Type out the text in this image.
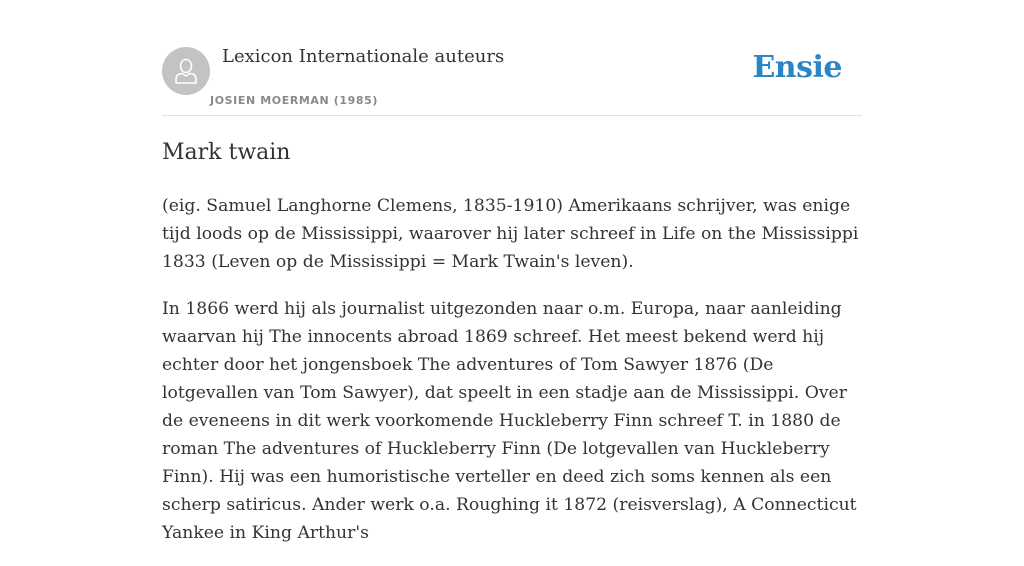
Lexicon Internationale auteurs
JOSIEN MOERMAN (1985)
Ensie
Mark twain

(eig. Samuel Langhorne Clemens, 1835-1910) Amerikaans schrijver, was enige tijd loods op de Mississippi, waarover hij later schreef in Life on the Mississippi 1833 (Leven op de Mississippi = Mark Twain's leven).

In 1866 werd hij als journalist uitgezonden naar o.m. Europa, naar aanleiding waarvan hij The innocents abroad 1869 schreef. Het meest bekend werd hij echter door het jongensboek The adventures of Tom Sawyer 1876 (De lotgevallen van Tom Sawyer), dat speelt in een stadje aan de Mississippi. Over de eveneens in dit werk voorkomende Huckleberry Finn schreef T. in 1880 de roman The adventures of Huckleberry Finn (De lotgevallen van Huckleberry Finn). Hij was een humoristische verteller en deed zich soms kennen als een scherp satiricus. Ander werk o.a. Roughing it 1872 (reisverslag), A Connecticut Yankee in King Arthur's
